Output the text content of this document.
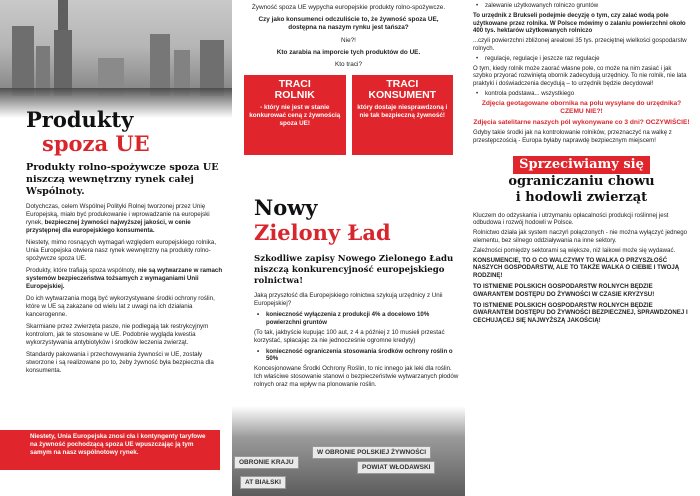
Produkty
spoza UE
Produkty rolno-spożywcze spoza UE niszczą wewnętrzny rynek całej Wspólnoty.

Dotychczas, celem Wspólnej Polityki Rolnej tworzonej przez Unię Europejską, miało być produkowanie i wprowadzanie na europejski rynek, bezpiecznej żywności najwyższej jakości, w cenie przystępnej dla europejskiego konsumenta.

Niestety, mimo rosnących wymagań względem europejskiego rolnika, Unia Europejska otwiera nasz rynek wewnętrzny na produkty rolno-spożywcze spoza UE.

Produkty, które trafiają spoza wspólnoty, nie są wytwarzane w ramach systemów bezpieczeństwa tożsamych z wymaganiami Unii Europejskiej.

Do ich wytwarzania mogą być wykorzystywane środki ochrony roślin, które w UE są zakazane od wielu lat z uwagi na ich działania kancerogenne.

Skarmiane przez zwierzęta pasze, nie podlegają tak restrykcyjnym kontrolom, jak te stosowane w UE. Podobnie wygląda kwestia wykorzystywania antybiotyków i środków leczenia zwierząt.

Standardy pakowania i przechowywania żywności w UE, zostały stworzone i są realizowane po to, żeby żywność była bezpieczna dla konsumenta.

Niestety, Unia Europejska znosi cła i kontyngenty taryfowe na żywność pochodzącą spoza UE wpuszczając ją tym samym na nasz wspólnotowy rynek.

Żywność spoza UE wypycha europejskie produkty rolno-spożywcze.

Czy jako konsumenci odczuliście to, że żywność spoza UE, dostępna na naszym rynku jest tańsza?

Nie?!

Kto zarabia na imporcie tych produktów do UE.

Kto traci?

TRACI
ROLNIK
- który nie jest w stanie konkurować ceną z żywnością spoza UE!
TRACI
KONSUMENT
który dostaje niesprawdzoną i nie tak bezpieczną żywność!
Nowy
Zielony Ład
Szkodliwe zapisy Nowego Zielonego Ładu niszczą konkurencyjność europejskiego rolnictwa!

Jaką przyszłość dla Europejskiego rolnictwa szykują urzędnicy z Unii Europejskiej?

• konieczność wyłączenia z produkcji 4% a docelowo 10% powierzchni gruntów

(To tak, jakbyście kupując 100 aut, z 4 a później z 10 musieli przestać korzystać, spłacając za nie jednocześnie ogromne kredyty)

• konieczność ograniczenia stosowania środków ochrony roślin o 50%

Koncesjonowane Środki Ochrony Roślin, to nic innego jak leki dla roślin. Ich właściwe stosowanie stanowi o bezpieczeństwie wytwarzanych płodów rolnych oraz ma wpływ na plonowanie roślin.

OBRONIE KRAJU
W OBRONIE POLSKIEJ ŻYWNOŚCI
POWIAT WŁODAWSKI
AT BIAŁSKI
• zalewanie użytkowanych rolniczo gruntów

To urzędnik z Brukseli podejmie decyzję o tym, czy zalać wodą pole użytkowane przez rolnika. W Polsce mówimy o zalaniu powierzchni około 400 tys. hektarów użytkowanych rolniczo

...czyli powierzchni zbliżonej arealowi 35 tys. przeciętnej wielkości gospodarstw rolnych.

• regulacje, regulacje i jeszcze raz regulacje

O tym, kiedy rolnik może zaorać własne pole, co może na nim zasiać i jak szybko przyorać rozwiniętą obornik zadecydują urzędnicy. To nie rolnik, nie lata praktyki i doświadczenia decydują – to urzędnik będzie decydował!

• kontrola podstawa... wszystkiego

Zdjęcia geotagowane obornika na polu wysyłane do urzędnika? CZEMU NIE?!

Zdjęcia satelitarne naszych pól wykonywane co 3 dni? OCZYWIŚCIE!

Gdyby takie środki jak na kontrolowanie rolników, przeznaczyć na walkę z przestępczością - Europa byłaby naprawdę bezpiecznym miejscem!

Sprzeciwiamy się
ograniczaniu chowu
i hodowli zwierząt

Kluczem do odzyskania i utrzymaniu opłacalności produkcji roślinnej jest odbudowa i rozwój hodowli w Polsce.

Rolnictwo działa jak system naczyń połączonych - nie można wyłączyć jednego elementu, bez silnego oddziaływania na inne sektory.

Zależności pomiędzy sektorami są większe, niż laikowi może się wydawać.

KONSUMENCIE, TO O CO WALCZYMY TO WALKA O PRZYSZŁOŚĆ NASZYCH GOSPODARSTW, ALE TO TAKŻE WALKA O CIEBIE I TWOJĄ RODZINĘ!

TO ISTNIENIE POLSKICH GOSPODARSTW ROLNYCH BĘDZIE GWARANTEM DOSTĘPU DO ŻYWNOŚCI W CZASIE KRYZYSU!

TO ISTNIENIE POLSKICH GOSPODARSTW ROLNYCH BĘDZIE GWARANTEM DOSTĘPU DO ŻYWNOŚCI BEZPIECZNEJ, SPRAWDZONEJ I CECHUJĄCEJ SIĘ NAJWYŻSZĄ JAKOŚCIĄ!
